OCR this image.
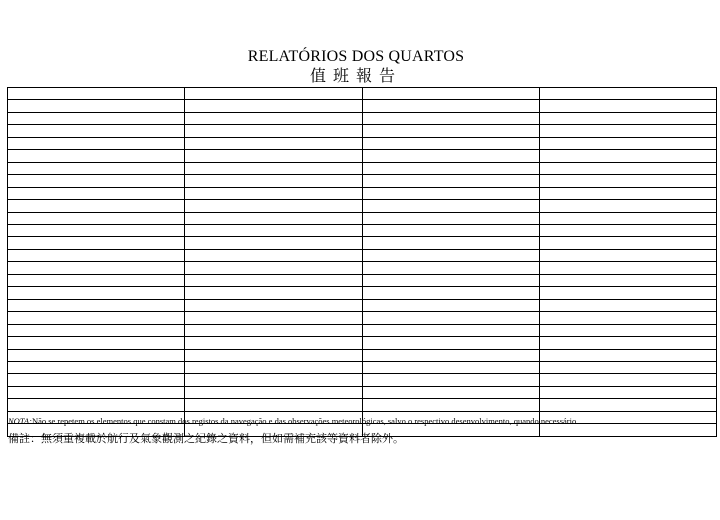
RELATÓRIOS DOS QUARTOS
值班報告

NOTA:Não se repetem os elementos que constam dos registos da navegação e das observações meteorológicas, salvo o respectivo desenvolvimento, quando necessário.
備註：無須重複載於航行及氣象觀測之紀錄之資料，但如需補充該等資料者除外。
